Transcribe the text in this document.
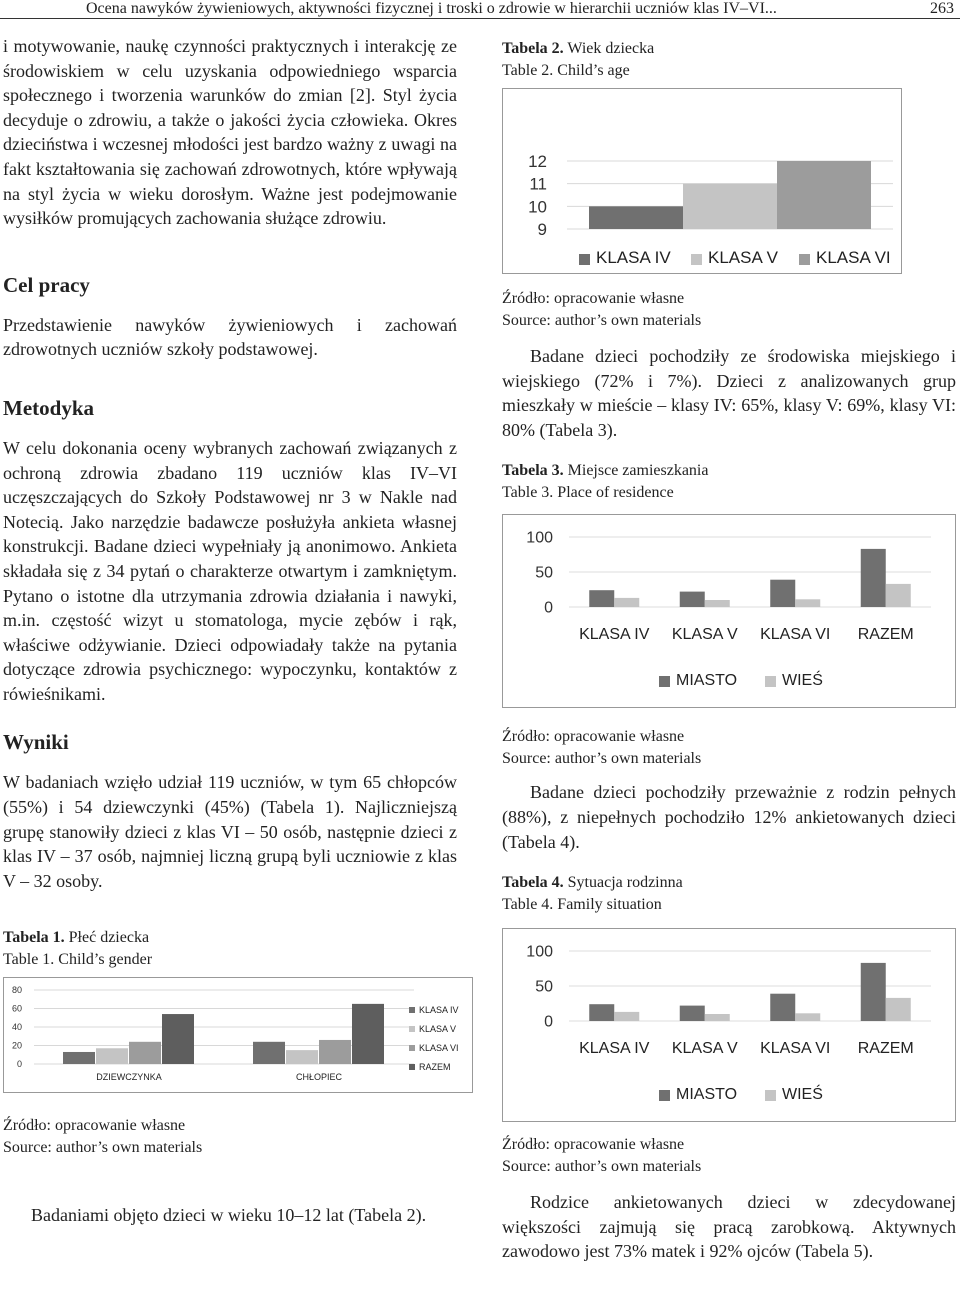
Ocena nawyków żywieniowych, aktywności fizycznej i troski o zdrowie w hierarchii uczniów klas IV–VI...	263

i motywowanie, naukę czynności praktycznych i interakcję ze środowiskiem w celu uzyskania odpowiedniego wsparcia społecznego i tworzenia warunków do zmian [2]. Styl życia decyduje o zdrowiu, a także o jakości życia człowieka. Okres dzieciństwa i wczesnej młodości jest bardzo ważny z uwagi na fakt kształtowania się zachowań zdrowotnych, które wpływają na styl życia w wieku dorosłym. Ważne jest podejmowanie wysiłków promujących zachowania służące zdrowiu.

Cel pracy

Przedstawienie nawyków żywieniowych i zachowań zdrowotnych uczniów szkoły podstawowej.

Metodyka

W celu dokonania oceny wybranych zachowań związanych z ochroną zdrowia zbadano 119 uczniów klas IV–VI uczęszczających do Szkoły Podstawowej nr 3 w Nakle nad Notecią. Jako narzędzie badawcze posłużyła ankieta własnej konstrukcji. Badane dzieci wypełniały ją anonimowo. Ankieta składała się z 34 pytań o charakterze otwartym i zamkniętym. Pytano o istotne dla utrzymania zdrowia działania i nawyki, m.in. częstość wizyt u stomatologa, mycie zębów i rąk, właściwe odżywianie. Dzieci odpowiadały także na pytania dotyczące zdrowia psychicznego: wypoczynku, kontaktów z rówieśnikami.

Wyniki

W badaniach wzięło udział 119 uczniów, w tym 65 chłopców (55%) i 54 dziewczynki (45%) (Tabela 1). Najliczniejszą grupę stanowiły dzieci z klas VI – 50 osób, następnie dzieci z klas IV – 37 osób, najmniej liczną grupą byli uczniowie z klas V – 32 osoby.

Tabela 1. Płeć dziecka

Table 1. Child’s gender

0
20
40
60
80
DZIEWCZYNKA	CHŁOPIEC
KLASA IV
KLASA V
KLASA VI
RAZEM

Źródło: opracowanie własne

Source: author’s own materials

Badaniami objęto dzieci w wieku 10–12 lat (Tabela 2).

Tabela 2. Wiek dziecka

Table 2. Child’s age

9
10
11
12
KLASA IV KLASA V KLASA VI

Źródło: opracowanie własne

Source: author’s own materials

Badane dzieci pochodziły ze środowiska miejskiego i wiejskiego (72% i 7%). Dzieci z analizowanych grup mieszkały w mieście – klasy IV: 65%, klasy V: 69%, klasy VI: 80% (Tabela 3).

Tabela 3. Miejsce zamieszkania

Table 3. Place of residence

0
50
100
KLASA IV KLASA V KLASA VI RAZEM
MIASTO	WIEŚ

Źródło: opracowanie własne

Source: author’s own materials

Badane dzieci pochodziły przeważnie z rodzin pełnych (88%), z niepełnych pochodziło 12% ankietowanych dzieci (Tabela 4).

Tabela 4. Sytuacja rodzinna

Table 4. Family situation

0
50
100
KLASA IV KLASA V KLASA VI RAZEM
MIASTO	WIEŚ

Źródło: opracowanie własne

Source: author’s own materials

Rodzice ankietowanych dzieci w zdecydowanej większości zajmują się pracą zarobkową. Aktywnych zawodowo jest 73% matek i 92% ojców (Tabela 5).
